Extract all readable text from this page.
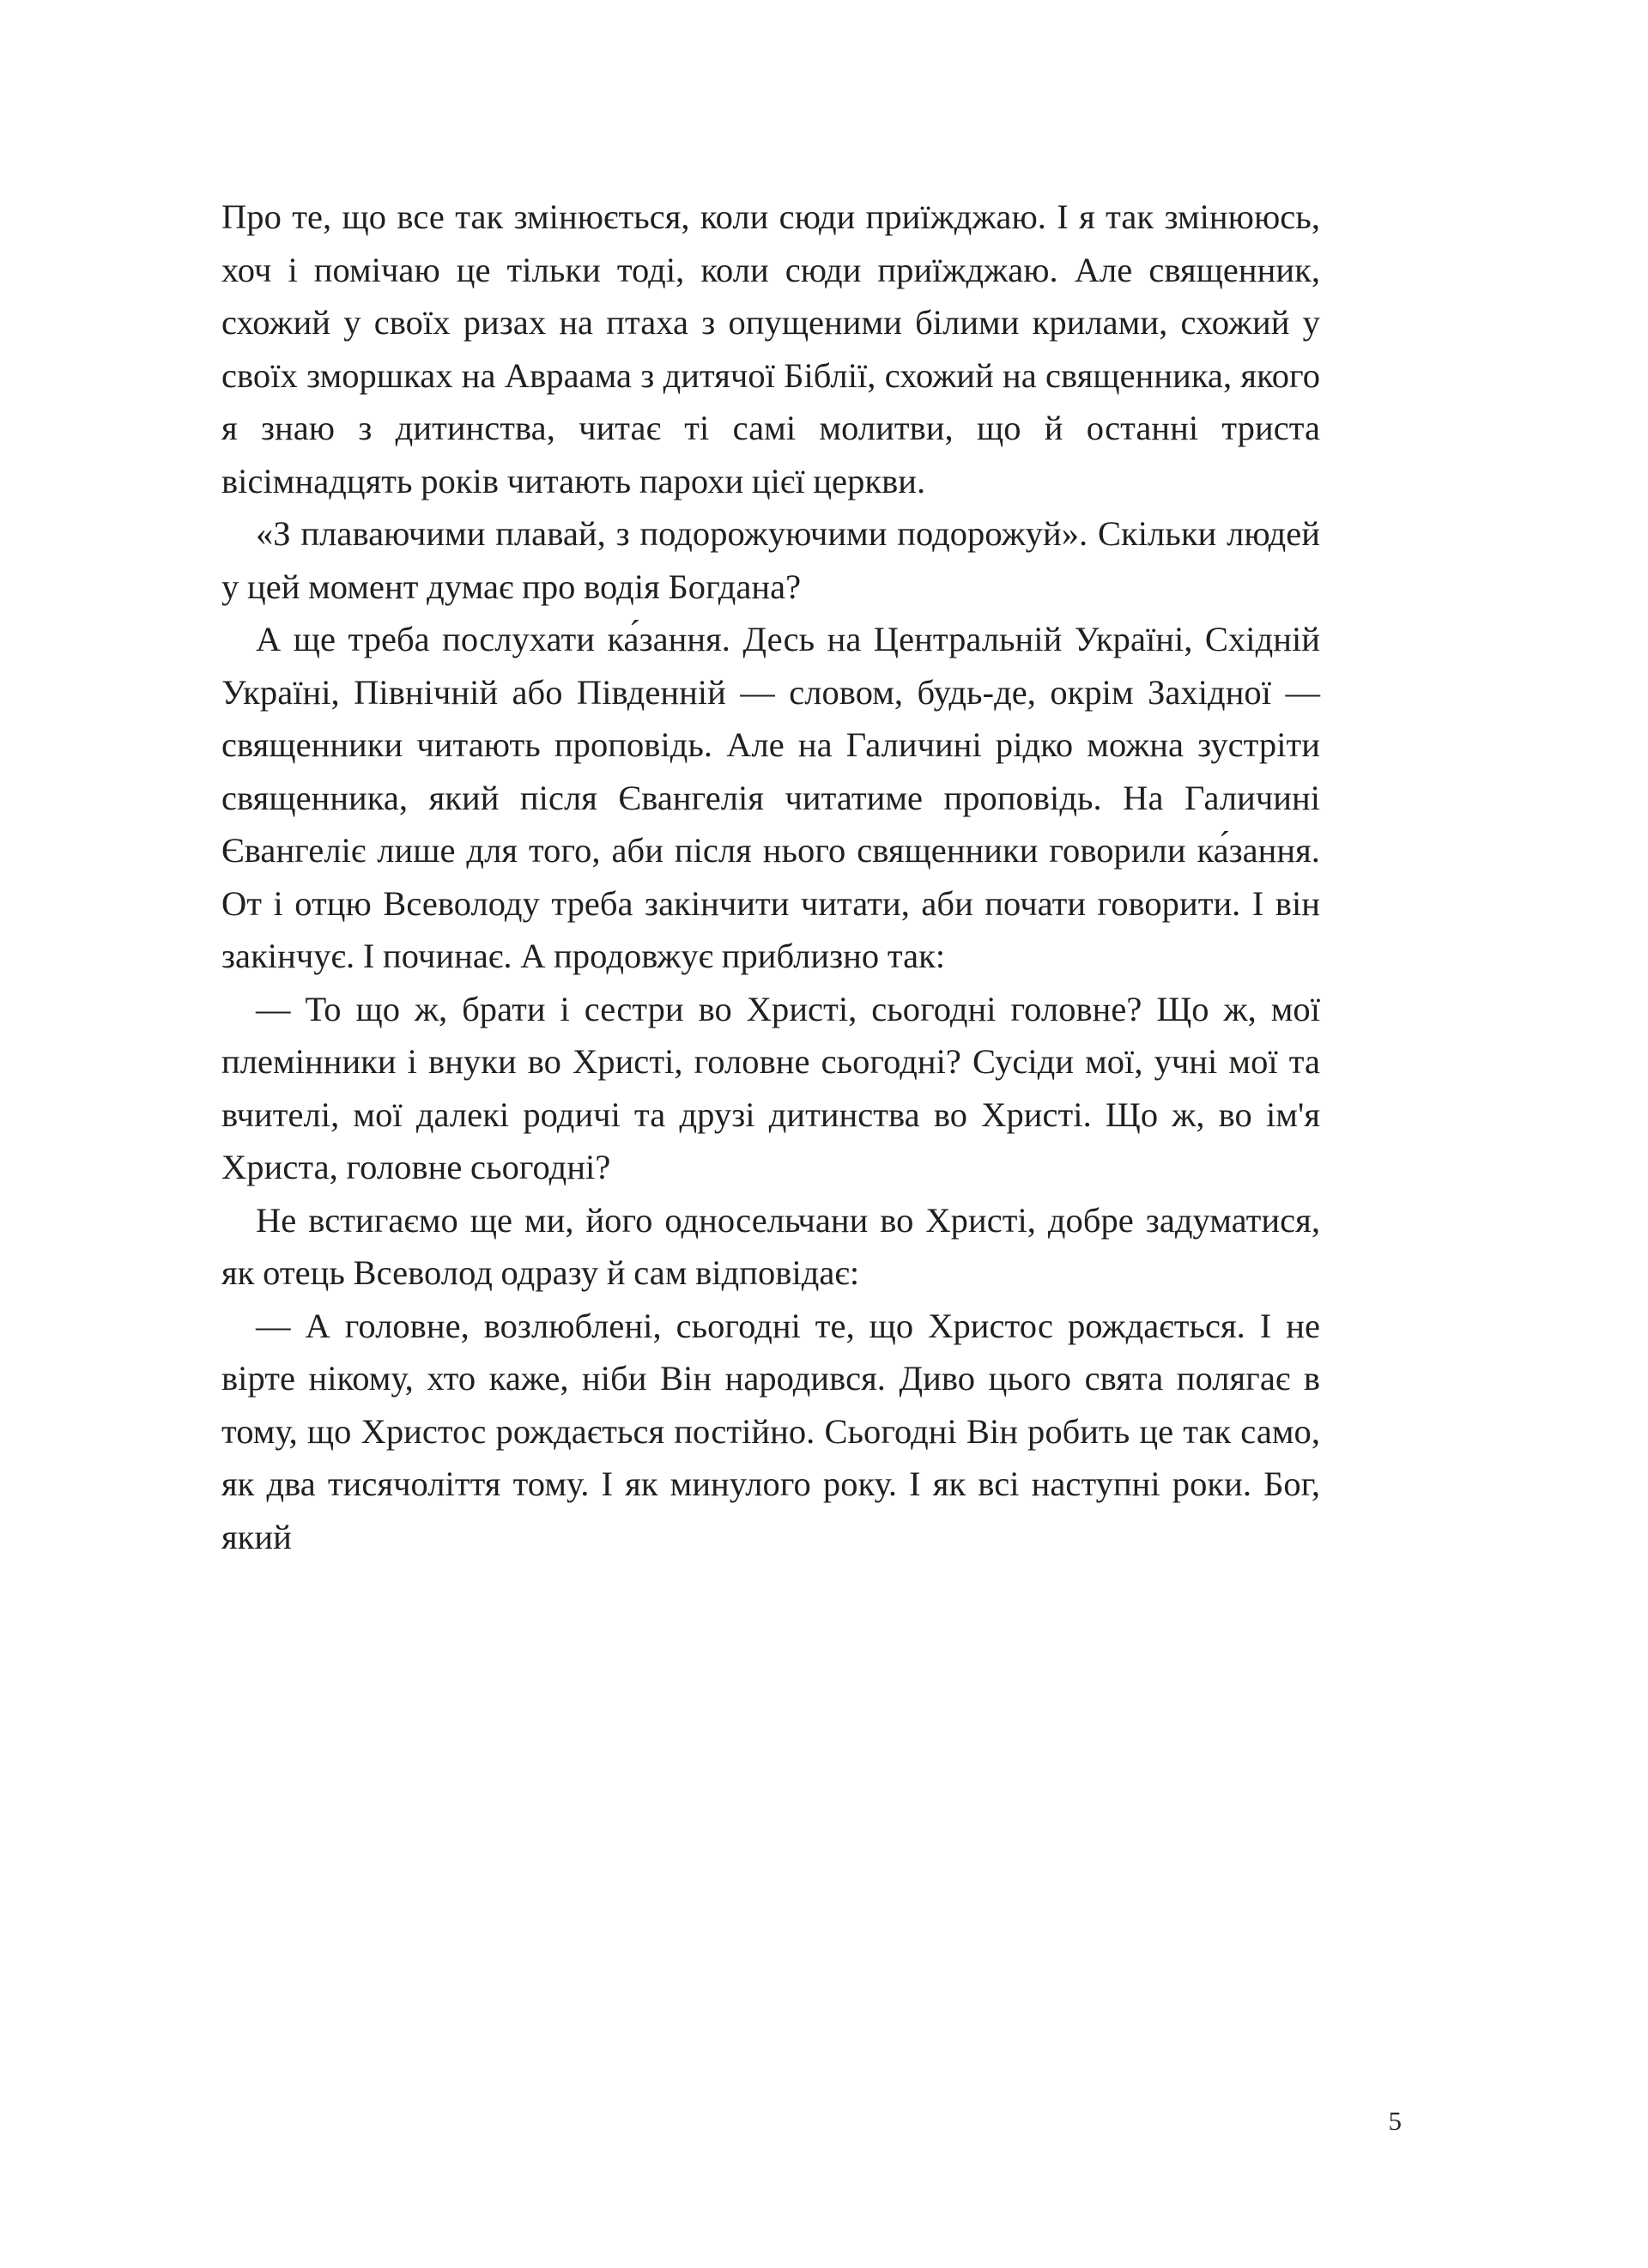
Про те, що все так змінюється, коли сюди приїжджаю. І я так змінююсь, хоч і помічаю це тільки тоді, коли сюди приїжджаю. Але священник, схожий у своїх ризах на птаха з опущеними білими крилами, схожий у своїх зморшках на Авраама з дитячої Біблії, схожий на священника, якого я знаю з дитинства, читає ті самі молитви, що й останні триста вісімнадцять років читають парохи цієї церкви.

«З плаваючими плавай, з подорожуючими подорожуй». Скільки людей у цей момент думає про водія Богдана?

А ще треба послухати ка́зання. Десь на Центральній Україні, Східній Україні, Північній або Південній — словом, будь-де, окрім Західної — священники читають проповідь. Але на Галичині рідко можна зустріти священника, який після Євангелія читатиме проповідь. На Галичині Євангеліє лише для того, аби після нього священники говорили ка́зання. От і отцю Всеволоду треба закінчити читати, аби почати говорити. І він закінчує. І починає. А продовжує приблизно так:

— То що ж, брати і сестри во Христі, сьогодні головне? Що ж, мої племінники і внуки во Христі, головне сьогодні? Сусіди мої, учні мої та вчителі, мої далекі родичі та друзі дитинства во Христі. Що ж, во ім'я Христа, головне сьогодні?

Не встигаємо ще ми, його односельчани во Христі, добре задуматися, як отець Всеволод одразу й сам відповідає:

— А головне, возлюблені, сьогодні те, що Христос рождається. І не вірте нікому, хто каже, ніби Він народився. Диво цього свята полягає в тому, що Христос рождається постійно. Сьогодні Він робить це так само, як два тисячоліття тому. І як минулого року. І як всі наступні роки. Бог, який

5
